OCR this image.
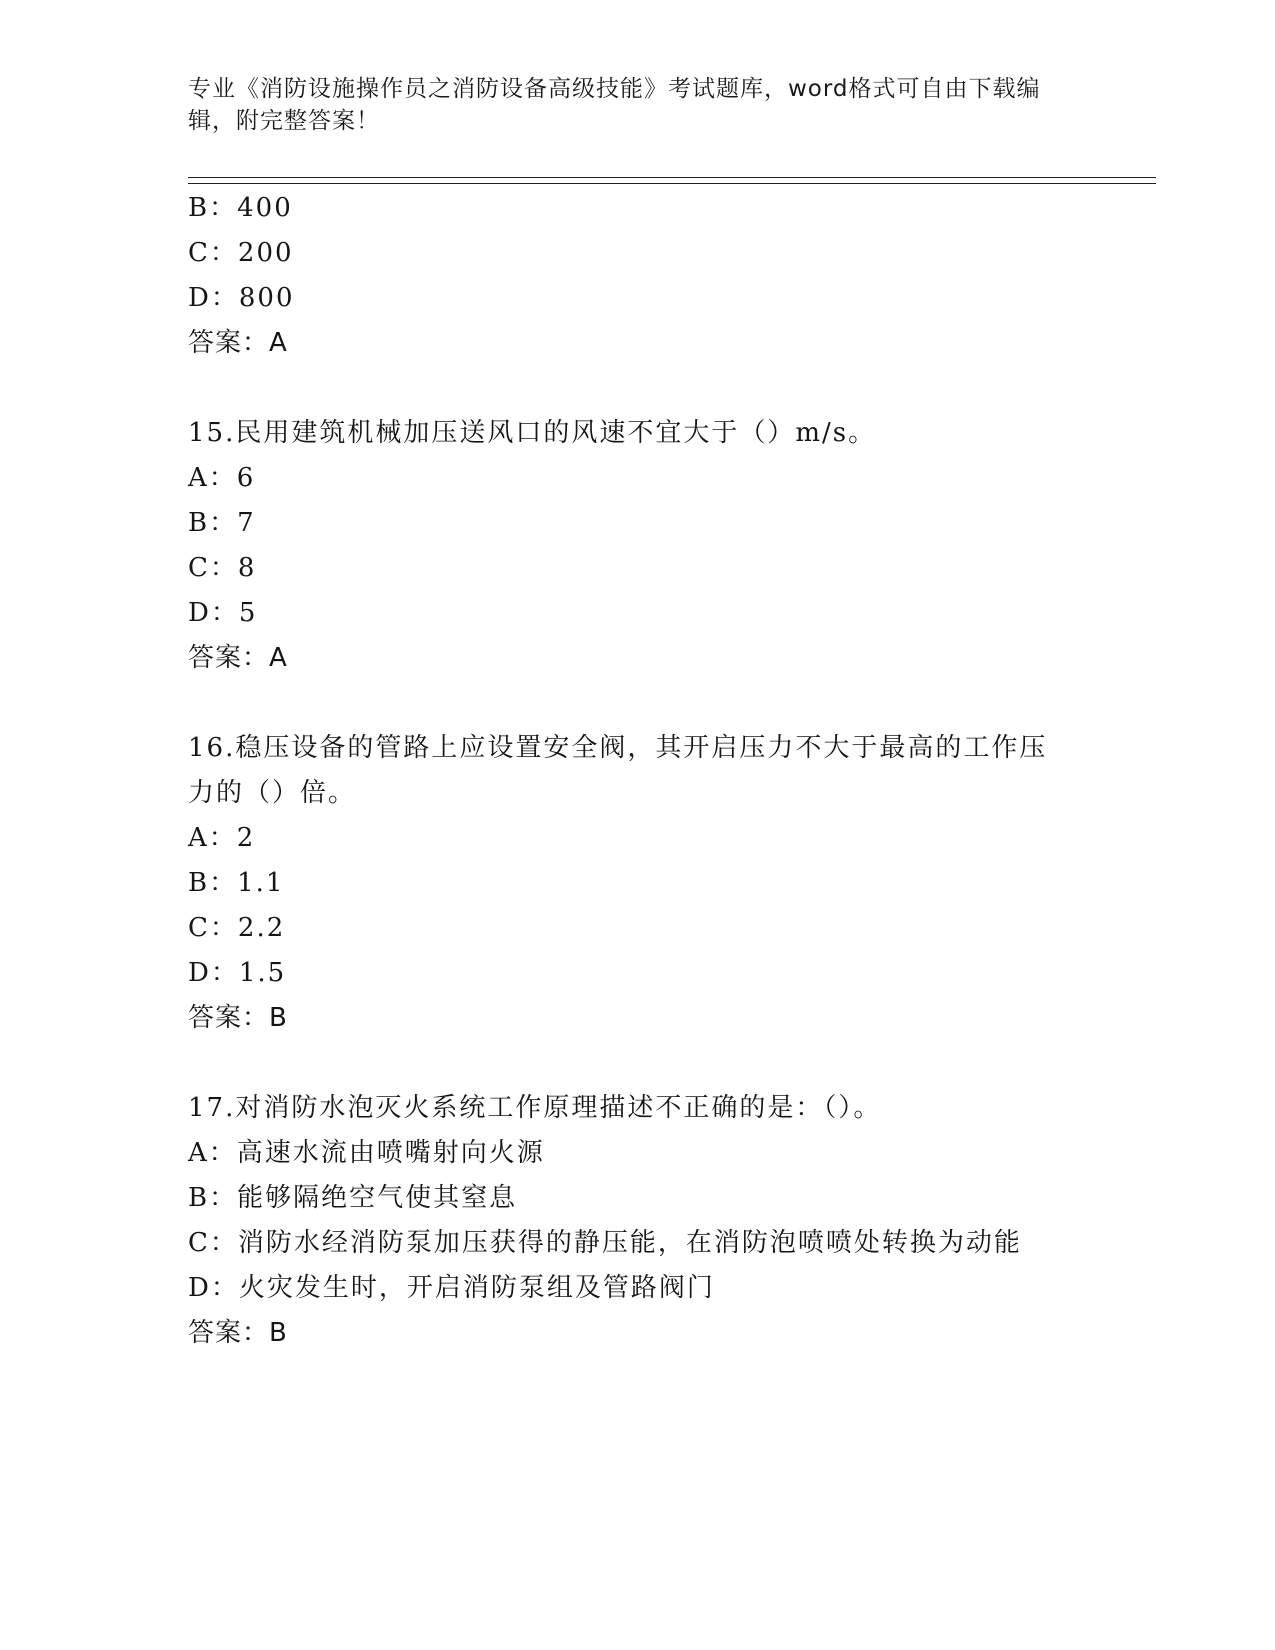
专业《消防设施操作员之消防设备高级技能》考试题库，word格式可自由下载编辑，附完整答案！
B：400
C：200
D：800
答案：A
15.民用建筑机械加压送风口的风速不宜大于（）m/s。
A：6
B：7
C：8
D：5
答案：A
16.稳压设备的管路上应设置安全阀，其开启压力不大于最高的工作压
力的（）倍。
A：2
B：1.1
C：2.2
D：1.5
答案：B
17.对消防水泡灭火系统工作原理描述不正确的是：（）。
A：高速水流由喷嘴射向火源
B：能够隔绝空气使其窒息
C：消防水经消防泵加压获得的静压能，在消防泡喷喷处转换为动能
D：火灾发生时，开启消防泵组及管路阀门
答案：B
